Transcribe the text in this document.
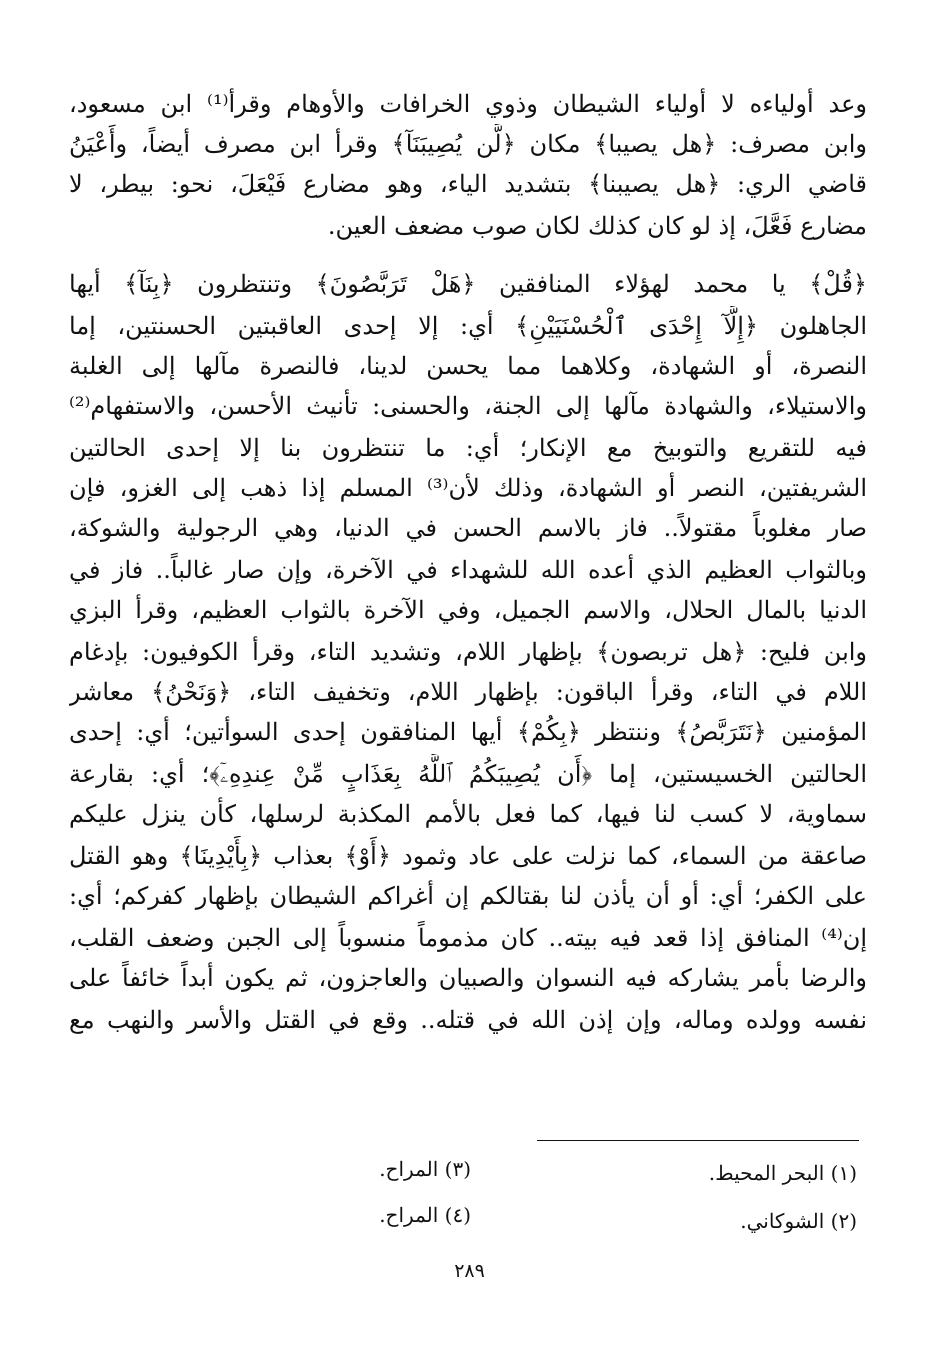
وعد أولياءه لا أولياء الشيطان وذوي الخرافات والأوهام وقرأ⁽¹⁾ ابن مسعود،
وابن مصرف: ﴿هل يصيبا﴾ مكان ﴿لَّن يُصِيبَنَآ﴾ وقرأ ابن مصرف أيضاً، وأَعْيَنُ
قاضي الري: ﴿هل يصيبنا﴾ بتشديد الياء، وهو مضارع فَيْعَلَ، نحو: بيطر، لا
مضارع فَعَّلَ، إذ لو كان كذلك لكان صوب مضعف العين.
﴿قُلْ﴾ يا محمد لهؤلاء المنافقين ﴿هَلْ تَرَبَّصُونَ﴾ وتنتظرون ﴿بِنَآ﴾ أيها
الجاهلون ﴿إِلَّآ إِحْدَى ٱلْحُسْنَيَيْنِ﴾ أي: إلا إحدى العاقبتين الحسنتين، إما
النصرة، أو الشهادة، وكلاهما مما يحسن لدينا، فالنصرة مآلها إلى الغلبة
والاستيلاء، والشهادة مآلها إلى الجنة، والحسنى: تأنيث الأحسن، والاستفهام⁽²⁾
فيه للتقريع والتوبيخ مع الإنكار؛ أي: ما تنتظرون بنا إلا إحدى الحالتين
الشريفتين، النصر أو الشهادة، وذلك لأن⁽³⁾ المسلم إذا ذهب إلى الغزو، فإن
صار مغلوباً مقتولاً.. فاز بالاسم الحسن في الدنيا، وهي الرجولية والشوكة،
وبالثواب العظيم الذي أعده الله للشهداء في الآخرة، وإن صار غالباً.. فاز في
الدنيا بالمال الحلال، والاسم الجميل، وفي الآخرة بالثواب العظيم، وقرأ البزي
وابن فليح: ﴿هل تربصون﴾ بإظهار اللام، وتشديد التاء، وقرأ الكوفيون: بإدغام
اللام في التاء، وقرأ الباقون: بإظهار اللام، وتخفيف التاء، ﴿وَنَحْنُ﴾ معاشر
المؤمنين ﴿نَتَرَبَّصُ﴾ وننتظر ﴿بِكُمْ﴾ أيها المنافقون إحدى السوأتين؛ أي: إحدى
الحالتين الخسيستين، إما ﴿أَن يُصِيبَكُمُ ٱللَّهُ بِعَذَابٍ مِّنْ عِندِهِۦٓ﴾؛ أي: بقارعة
سماوية، لا كسب لنا فيها، كما فعل بالأمم المكذبة لرسلها، كأن ينزل عليكم
صاعقة من السماء، كما نزلت على عاد وثمود ﴿أَوْ﴾ بعذاب ﴿بِأَيْدِينَا﴾ وهو القتل
على الكفر؛ أي: أو أن يأذن لنا بقتالكم إن أغراكم الشيطان بإظهار كفركم؛ أي:
إن⁽⁴⁾ المنافق إذا قعد فيه بيته.. كان مذموماً منسوباً إلى الجبن وضعف القلب،
والرضا بأمر يشاركه فيه النسوان والصبيان والعاجزون، ثم يكون أبداً خائفاً على
نفسه وولده وماله، وإن إذن الله في قتله.. وقع في القتل والأسر والنهب مع
(١) البحر المحيط.
(٣) المراح.
(٢) الشوكاني.
(٤) المراح.
٢٨٩
